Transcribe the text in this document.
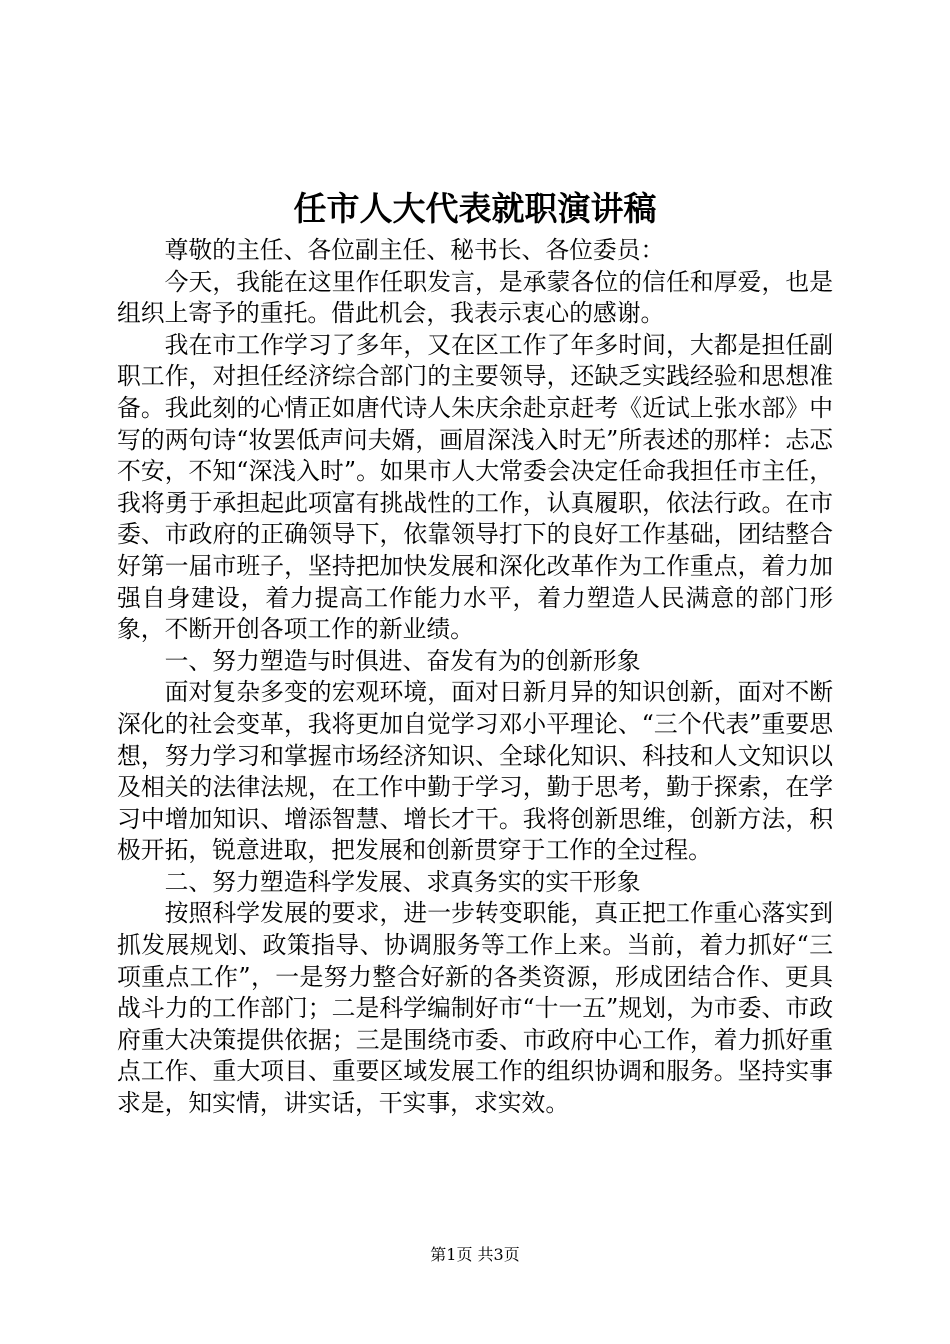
任市人大代表就职演讲稿

尊敬的主任、各位副主任、秘书长、各位委员：

今天，我能在这里作任职发言，是承蒙各位的信任和厚爱，也是组织上寄予的重托。借此机会，我表示衷心的感谢。

我在市工作学习了多年，又在区工作了年多时间，大都是担任副职工作，对担任经济综合部门的主要领导，还缺乏实践经验和思想准备。我此刻的心情正如唐代诗人朱庆余赴京赶考《近试上张水部》中写的两句诗“妆罢低声问夫婿，画眉深浅入时无”所表述的那样：忐忑不安，不知“深浅入时”。如果市人大常委会决定任命我担任市主任，我将勇于承担起此项富有挑战性的工作，认真履职，依法行政。在市委、市政府的正确领导下，依靠领导打下的良好工作基础，团结整合好第一届市班子，坚持把加快发展和深化改革作为工作重点，着力加强自身建设，着力提高工作能力水平，着力塑造人民满意的部门形象，不断开创各项工作的新业绩。

一、努力塑造与时俱进、奋发有为的创新形象

面对复杂多变的宏观环境，面对日新月异的知识创新，面对不断深化的社会变革，我将更加自觉学习邓小平理论、“三个代表”重要思想，努力学习和掌握市场经济知识、全球化知识、科技和人文知识以及相关的法律法规，在工作中勤于学习，勤于思考，勤于探索，在学习中增加知识、增添智慧、增长才干。我将创新思维，创新方法，积极开拓，锐意进取，把发展和创新贯穿于工作的全过程。

二、努力塑造科学发展、求真务实的实干形象

按照科学发展的要求，进一步转变职能，真正把工作重心落实到抓发展规划、政策指导、协调服务等工作上来。当前，着力抓好“三项重点工作”，一是努力整合好新的各类资源，形成团结合作、更具战斗力的工作部门；二是科学编制好市“十一五”规划，为市委、市政府重大决策提供依据；三是围绕市委、市政府中心工作，着力抓好重点工作、重大项目、重要区域发展工作的组织协调和服务。坚持实事求是，知实情，讲实话，干实事，求实效。

第1页 共3页
